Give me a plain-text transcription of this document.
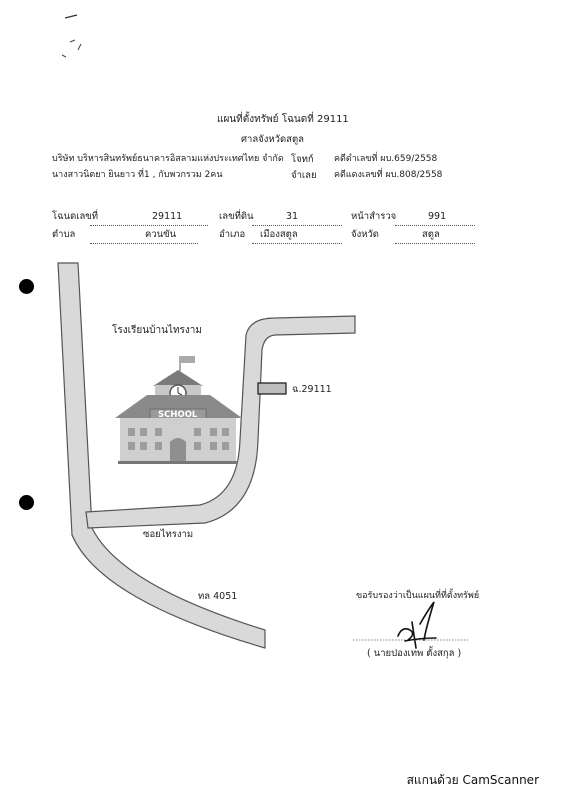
แผนที่ตั้งทรัพย์ โฉนดที่ 29111
ศาลจังหวัดสตูล
บริษัท บริหารสินทรัพย์ธนาคารอิสลามแห่งประเทศไทย จำกัด โจทก์ คดีดำเลขที่ ผบ.659/2558
นางสาวนิตยา ยินยาว ที่1 , กับพวกรวม 2คน	จำเลย คดีแดงเลขที่ ผบ.808/2558
โฉนดเลขที่	29111	เลขที่ดิน	31	หน้าสำรวจ	991
ตำบล	ควนขัน	อำเภอ เมืองสตูล	จังหวัด	สตูล
SCHOOL
โรงเรียนบ้านไทรงาม
ฉ.29111
ซอยไทรงาม
ทล 4051	ขอรับรองว่าเป็นแผนที่ที่ตั้งทรัพย์
( นายปองเทพ ตั้งสกุล )
สแกนด้วย CamScanner
